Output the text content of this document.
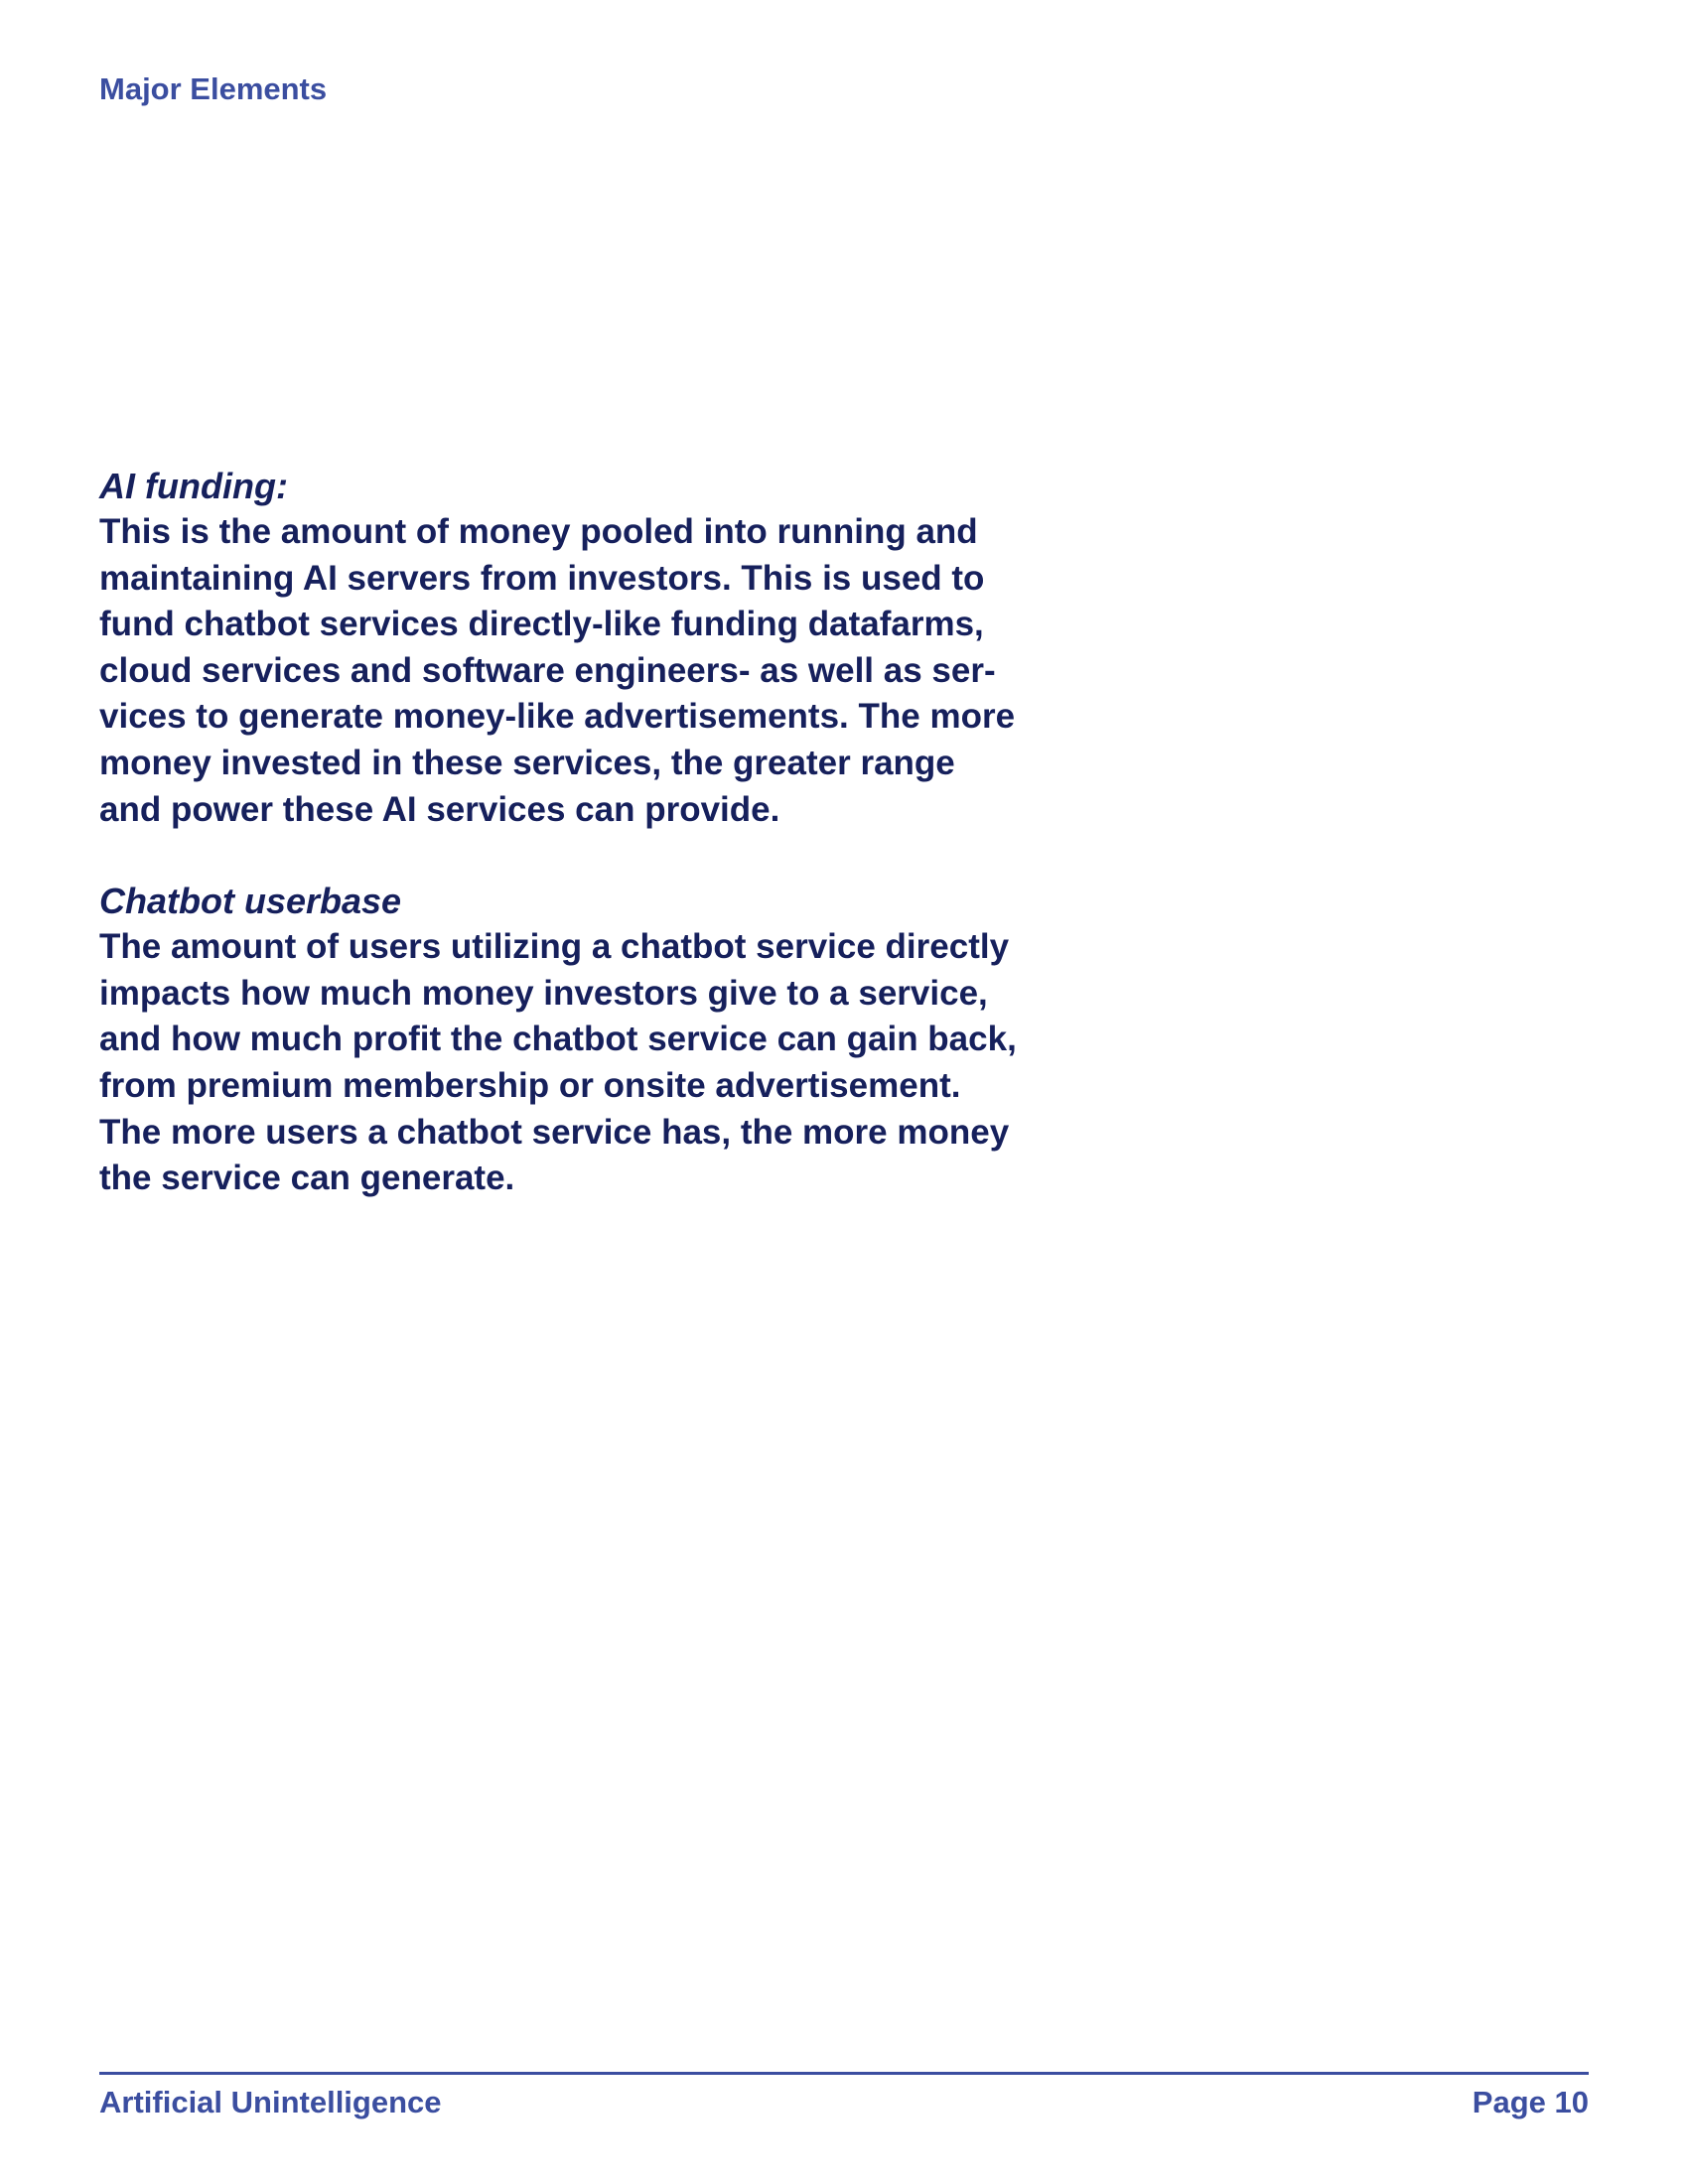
Major Elements
AI funding:
This is the amount of money pooled into running and
maintaining AI servers from investors. This is used to
fund chatbot services directly-like funding datafarms,
cloud services and software engineers- as well as ser-
vices to generate money-like advertisements. The more
money invested in these services, the greater range
and power these AI services can provide.
Chatbot userbase
The amount of users utilizing a chatbot service directly
impacts how much money investors give to a service,
and how much profit the chatbot service can gain back,
from premium membership or onsite advertisement.
The more users a chatbot service has, the more money
the service can generate.
Artificial Unintelligence	Page 10
